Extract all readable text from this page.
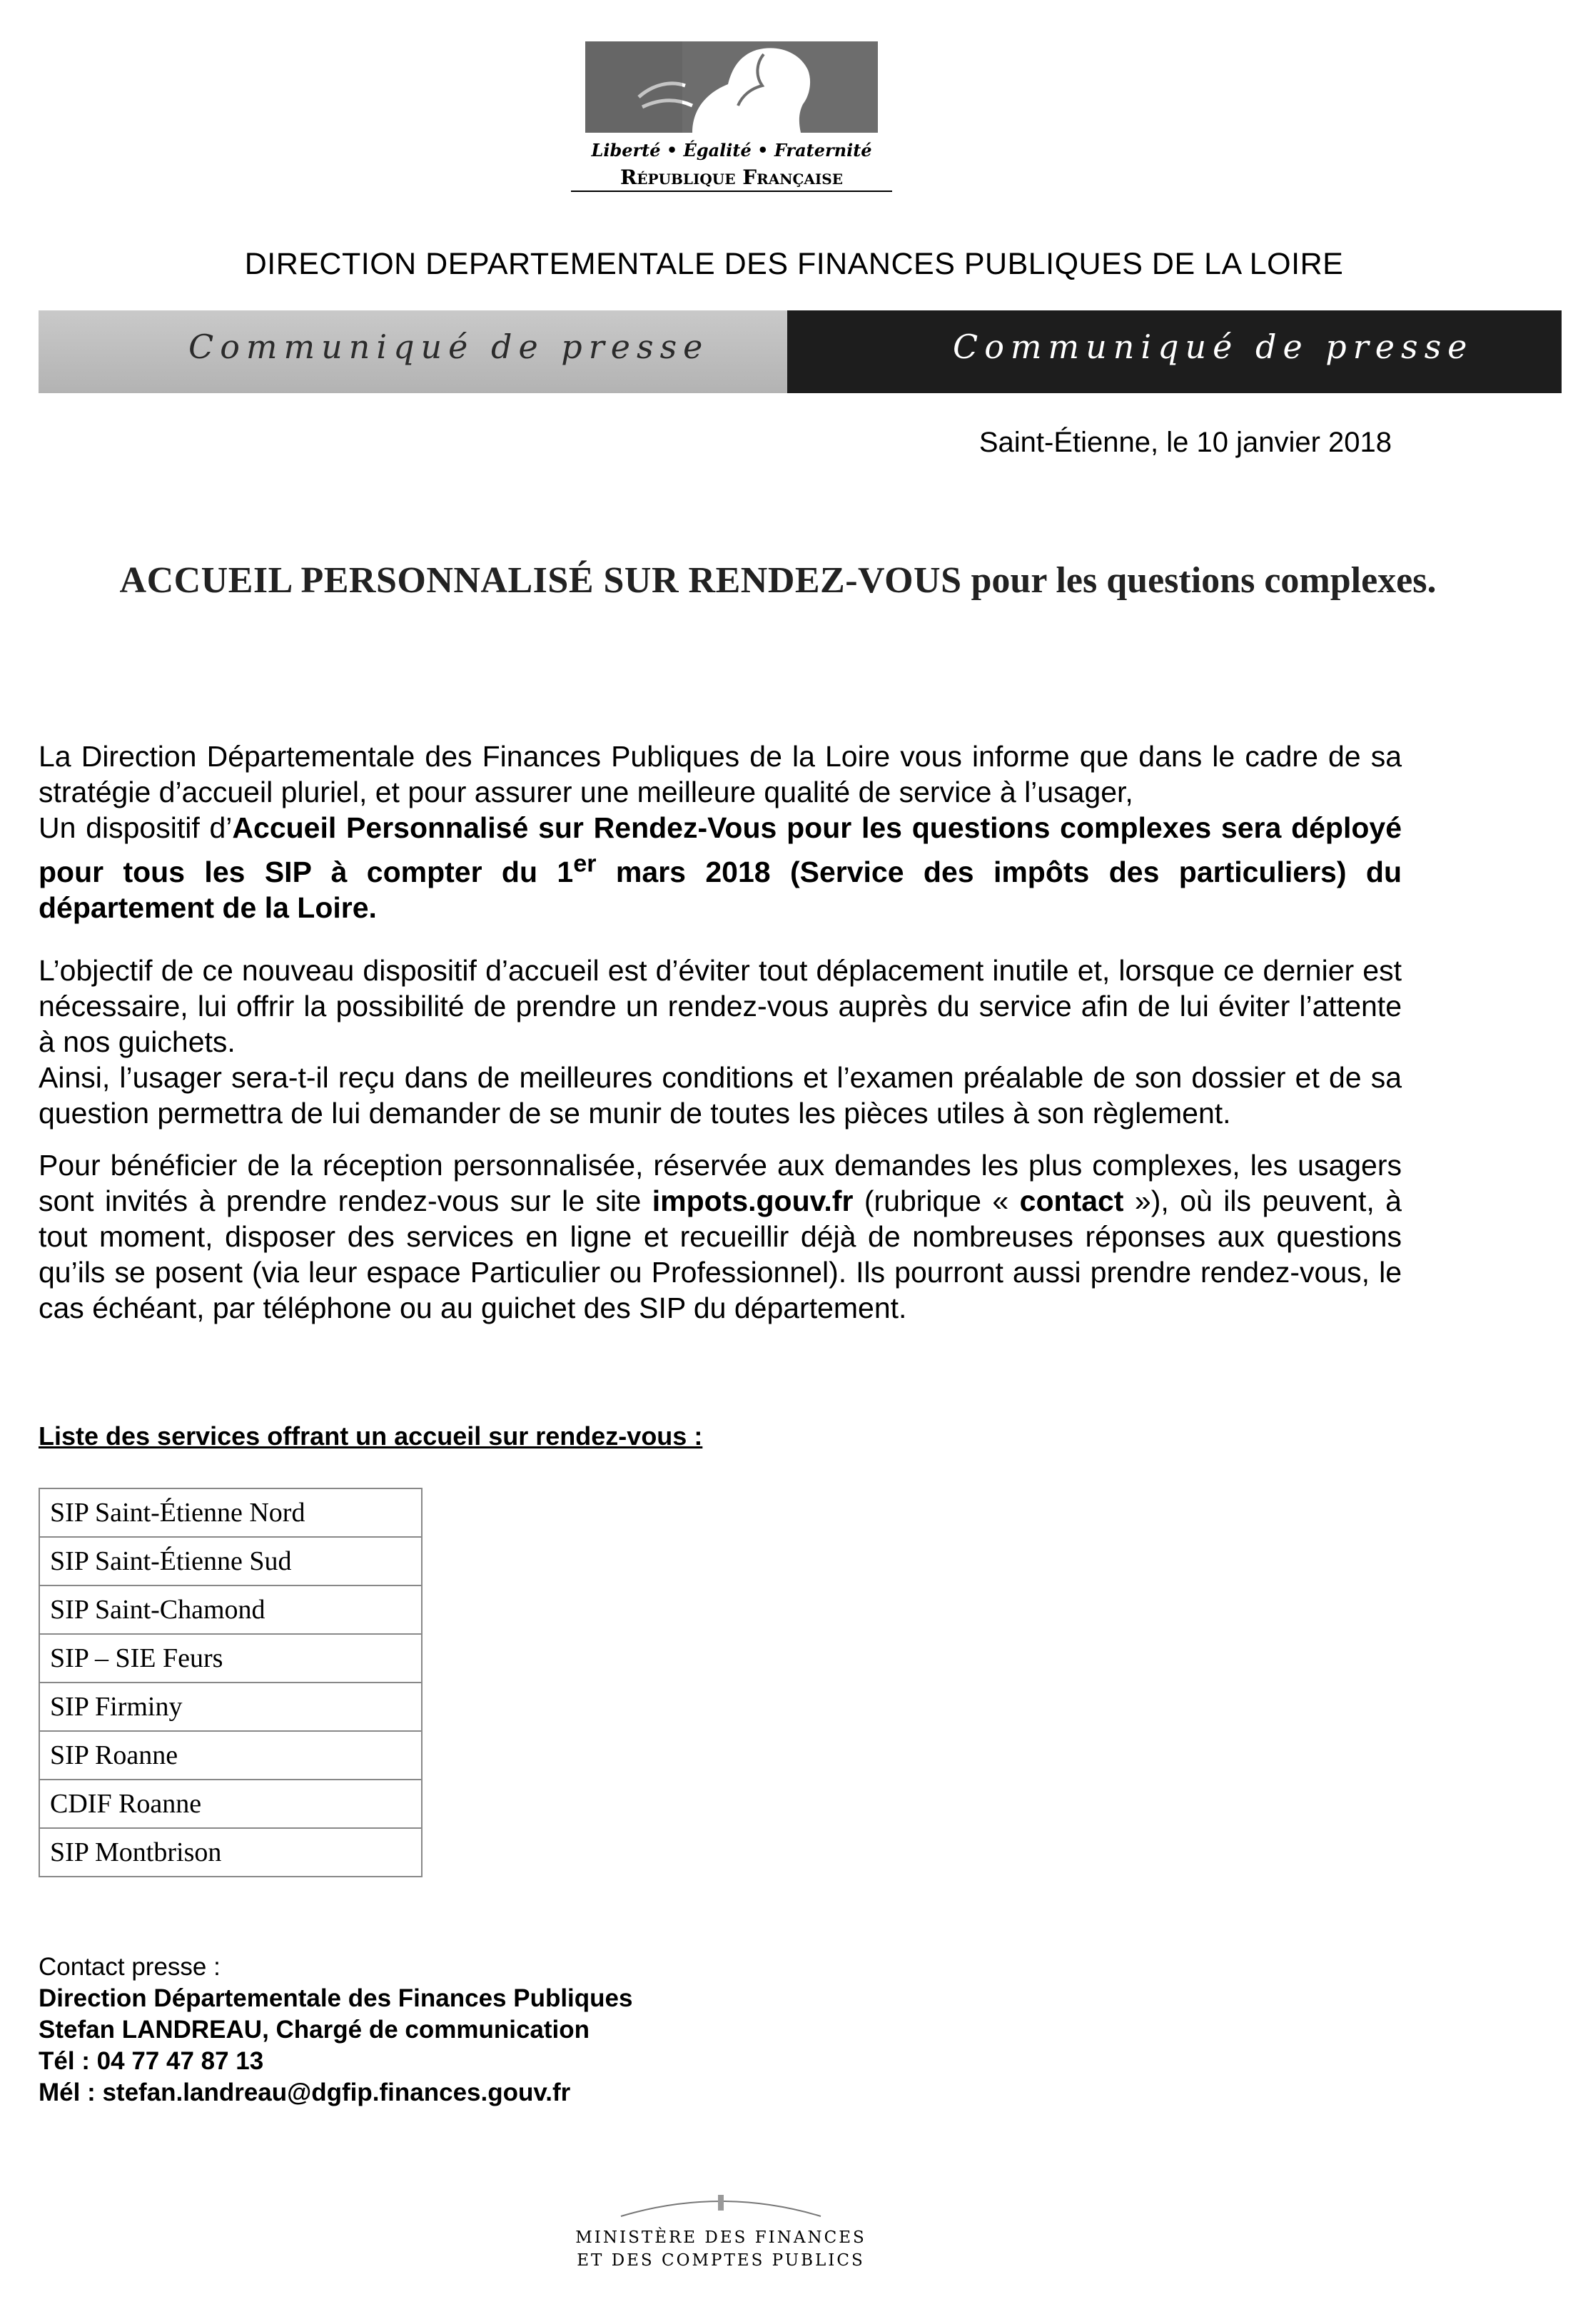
Liberté • Égalité • Fraternité
République Française
DIRECTION DEPARTEMENTALE DES FINANCES PUBLIQUES DE LA LOIRE
Communiqué de presse	Communiqué de presse
Saint-Étienne, le 10 janvier 2018
ACCUEIL PERSONNALISÉ SUR RENDEZ-VOUS pour les questions complexes.
La Direction Départementale des Finances Publiques de la Loire vous informe que dans le cadre de sa stratégie d’accueil pluriel, et pour assurer une meilleure qualité de service à l’usager,
Un dispositif d’Accueil Personnalisé sur Rendez-Vous pour les questions complexes sera déployé pour tous les SIP à compter du 1er mars 2018 (Service des impôts des particuliers) du département de la Loire.
L’objectif de ce nouveau dispositif d’accueil est d’éviter tout déplacement inutile et, lorsque ce dernier est nécessaire, lui offrir la possibilité de prendre un rendez-vous auprès du service afin de lui éviter l’attente à nos guichets.
Ainsi, l’usager sera-t-il reçu dans de meilleures conditions et l’examen préalable de son dossier et de sa question permettra de lui demander de se munir de toutes les pièces utiles à son règlement.
Pour bénéficier de la réception personnalisée, réservée aux demandes les plus complexes, les usagers sont invités à prendre rendez-vous sur le site impots.gouv.fr (rubrique « contact »), où ils peuvent, à tout moment, disposer des services en ligne et recueillir déjà de nombreuses réponses aux questions qu’ils se posent (via leur espace Particulier ou Professionnel). Ils pourront aussi prendre rendez-vous, le cas échéant, par téléphone ou au guichet des SIP du département.
Liste des services offrant un accueil sur rendez-vous :
SIP Saint-Étienne Nord
SIP Saint-Étienne Sud
SIP Saint-Chamond
SIP – SIE Feurs
SIP Firminy
SIP Roanne
CDIF Roanne
SIP Montbrison
Contact presse :
Direction Départementale des Finances Publiques
Stefan LANDREAU, Chargé de communication
Tél : 04 77 47 87 13
Mél : stefan.landreau@dgfip.finances.gouv.fr
MINISTÈRE DES FINANCES
ET DES COMPTES PUBLICS
